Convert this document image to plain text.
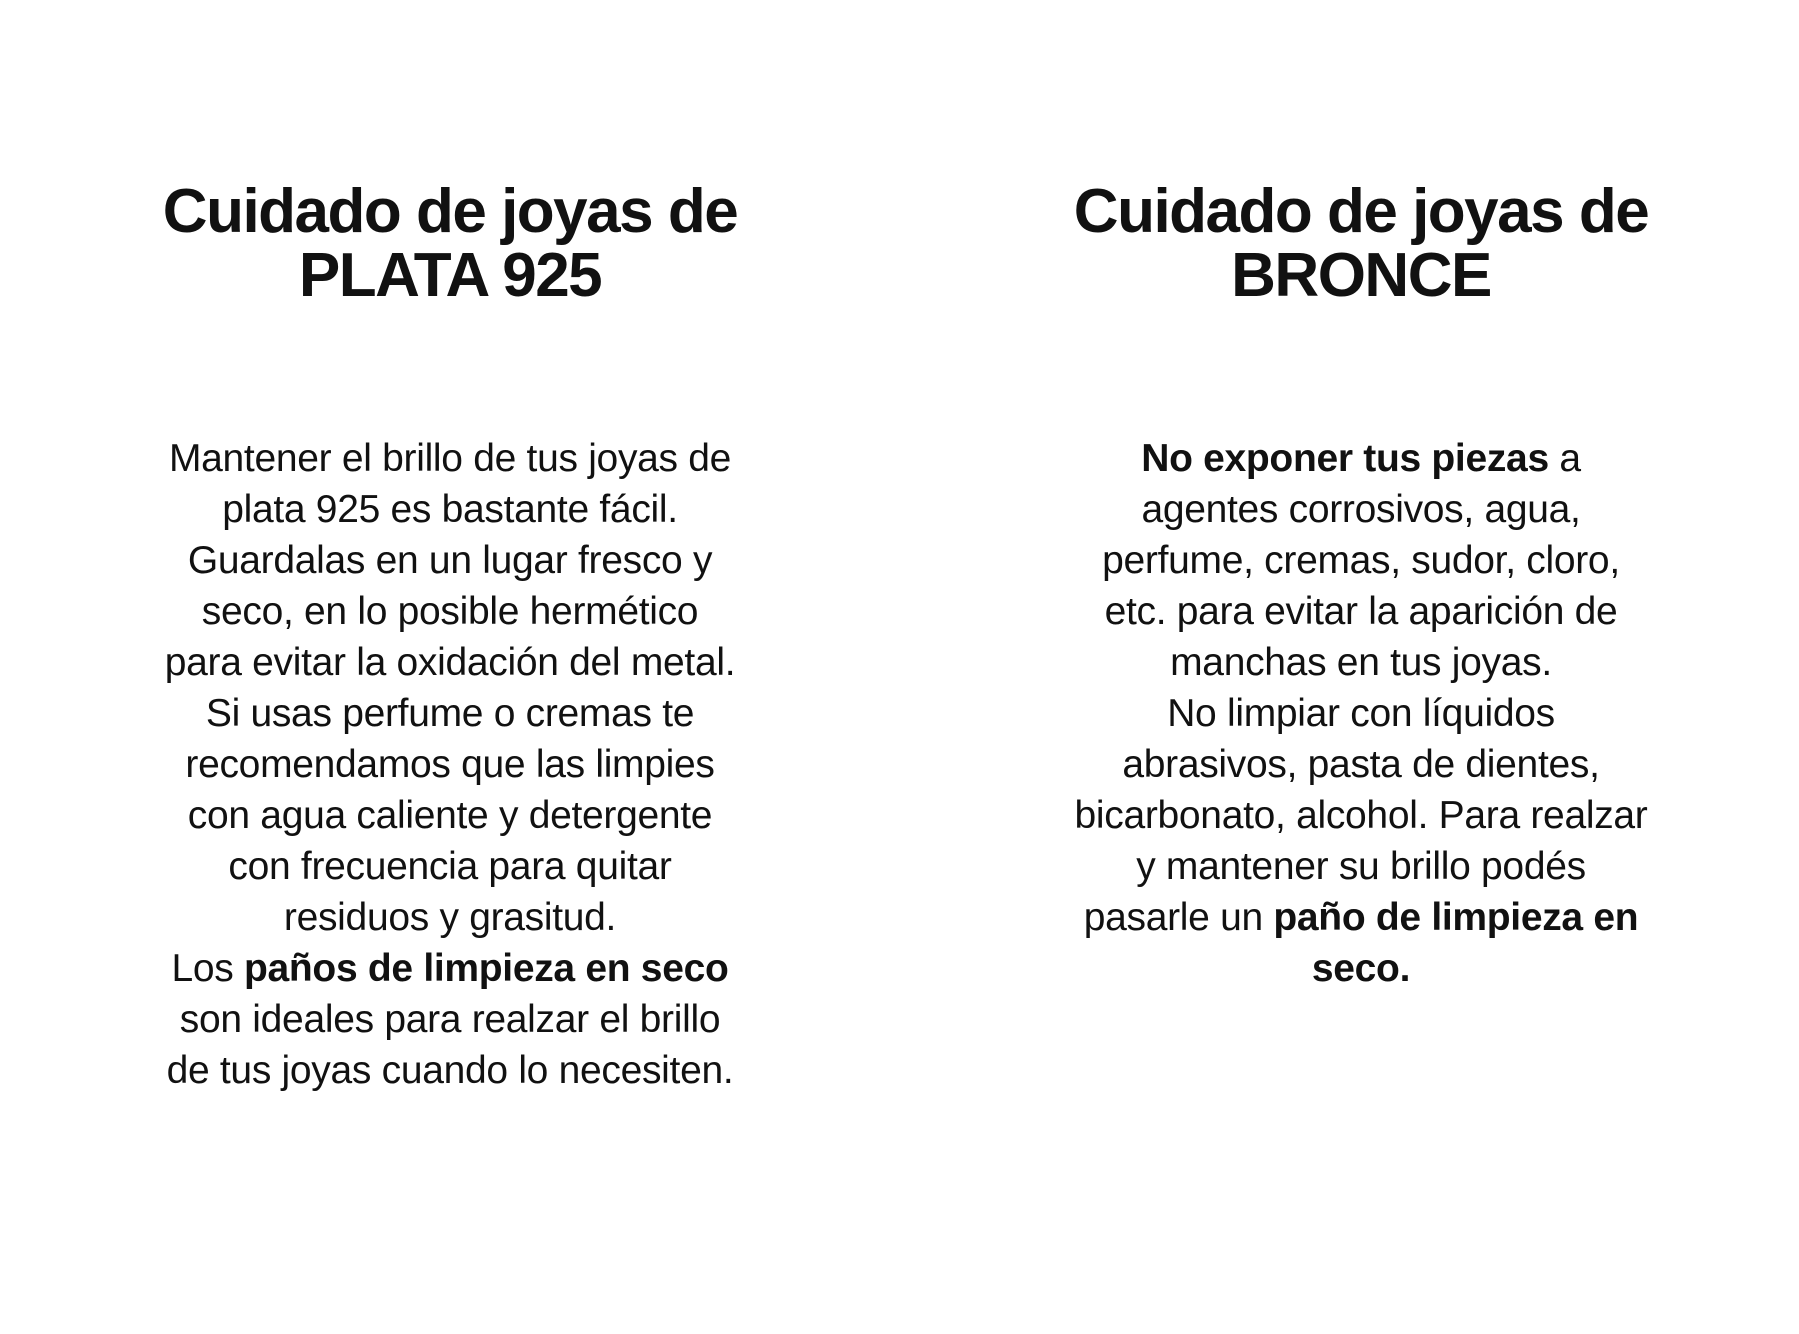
Cuidado de joyas de
PLATA 925

Mantener el brillo de tus joyas de
plata 925 es bastante fácil.
Guardalas en un lugar fresco y
seco, en lo posible hermético
para evitar la oxidación del metal.
Si usas perfume o cremas te
recomendamos que las limpies
con agua caliente y detergente
con frecuencia para quitar
residuos y grasitud.
Los paños de limpieza en seco
son ideales para realzar el brillo
de tus joyas cuando lo necesiten.

Cuidado de joyas de
BRONCE

No exponer tus piezas a
agentes corrosivos, agua,
perfume, cremas, sudor, cloro,
etc. para evitar la aparición de
manchas en tus joyas.
No limpiar con líquidos
abrasivos, pasta de dientes,
bicarbonato, alcohol. Para realzar
y mantener su brillo podés
pasarle un paño de limpieza en
seco.
